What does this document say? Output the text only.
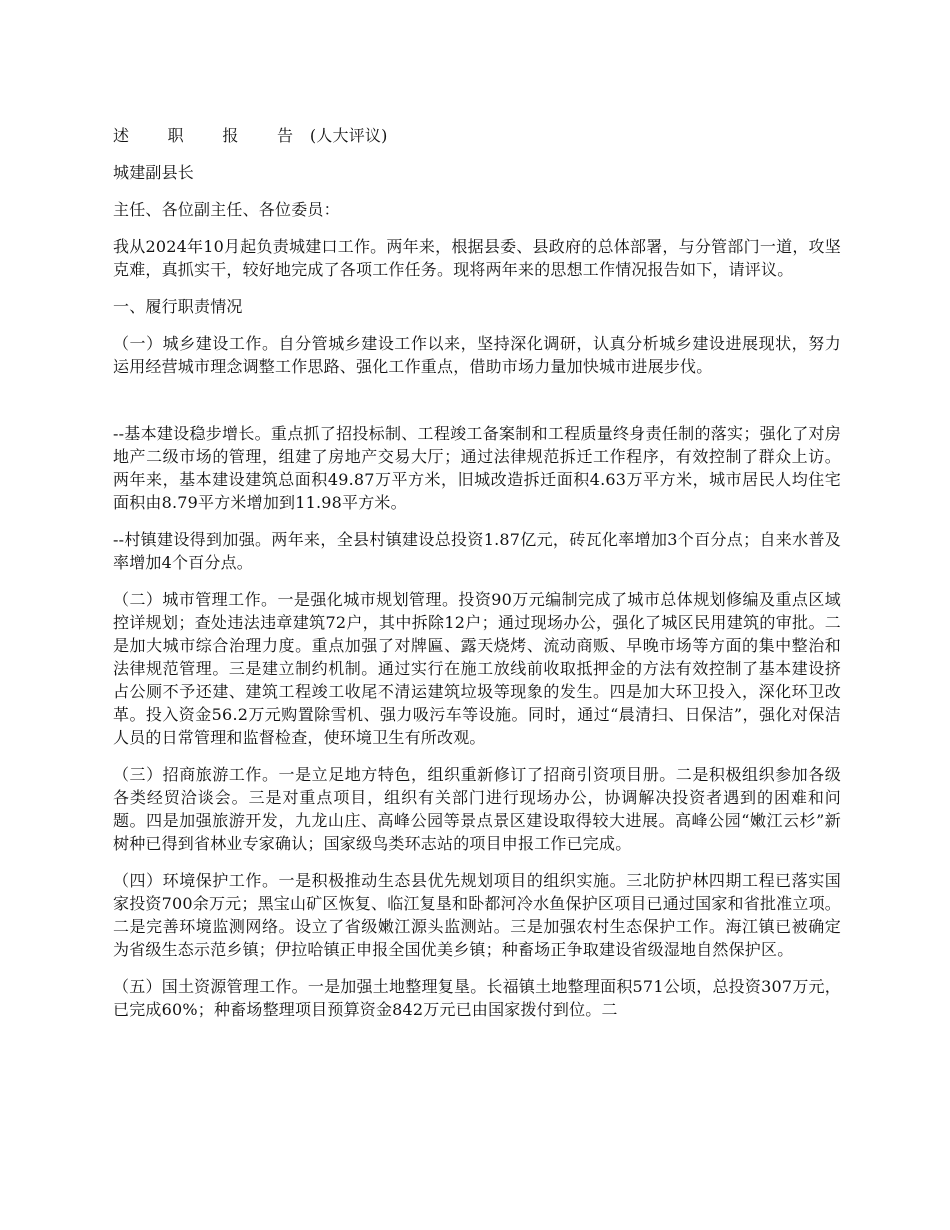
述 职 报 告(人大评议)

城建副县长

主任、各位副主任、各位委员：

我从2024年10月起负责城建口工作。两年来，根据县委、县政府的总体部署，与分管部门一道，攻坚克难，真抓实干，较好地完成了各项工作任务。现将两年来的思想工作情况报告如下，请评议。

一、履行职责情况

（一）城乡建设工作。自分管城乡建设工作以来，坚持深化调研，认真分析城乡建设进展现状，努力运用经营城市理念调整工作思路、强化工作重点，借助市场力量加快城市进展步伐。

--基本建设稳步增长。重点抓了招投标制、工程竣工备案制和工程质量终身责任制的落实；强化了对房地产二级市场的管理，组建了房地产交易大厅；通过法律规范拆迁工作程序，有效控制了群众上访。两年来，基本建设建筑总面积49.87万平方米，旧城改造拆迁面积4.63万平方米，城市居民人均住宅面积由8.79平方米增加到11.98平方米。

--村镇建设得到加强。两年来，全县村镇建设总投资1.87亿元，砖瓦化率增加3个百分点；自来水普及率增加4个百分点。

（二）城市管理工作。一是强化城市规划管理。投资90万元编制完成了城市总体规划修编及重点区域控详规划；查处违法违章建筑72户，其中拆除12户；通过现场办公，强化了城区民用建筑的审批。二是加大城市综合治理力度。重点加强了对牌匾、露天烧烤、流动商贩、早晚市场等方面的集中整治和法律规范管理。三是建立制约机制。通过实行在施工放线前收取抵押金的方法有效控制了基本建设挤占公厕不予还建、建筑工程竣工收尾不清运建筑垃圾等现象的发生。四是加大环卫投入，深化环卫改革。投入资金56.2万元购置除雪机、强力吸污车等设施。同时，通过“晨清扫、日保洁”，强化对保洁人员的日常管理和监督检查，使环境卫生有所改观。

（三）招商旅游工作。一是立足地方特色，组织重新修订了招商引资项目册。二是积极组织参加各级各类经贸洽谈会。三是对重点项目，组织有关部门进行现场办公，协调解决投资者遇到的困难和问题。四是加强旅游开发，九龙山庄、高峰公园等景点景区建设取得较大进展。高峰公园“嫩江云杉”新树种已得到省林业专家确认；国家级鸟类环志站的项目申报工作已完成。

（四）环境保护工作。一是积极推动生态县优先规划项目的组织实施。三北防护林四期工程已落实国家投资700余万元；黑宝山矿区恢复、临江复垦和卧都河冷水鱼保护区项目已通过国家和省批准立项。二是完善环境监测网络。设立了省级嫩江源头监测站。三是加强农村生态保护工作。海江镇已被确定为省级生态示范乡镇；伊拉哈镇正申报全国优美乡镇；种畜场正争取建设省级湿地自然保护区。

（五）国土资源管理工作。一是加强土地整理复垦。长福镇土地整理面积571公顷，总投资307万元，已完成60%；种畜场整理项目预算资金842万元已由国家拨付到位。二
